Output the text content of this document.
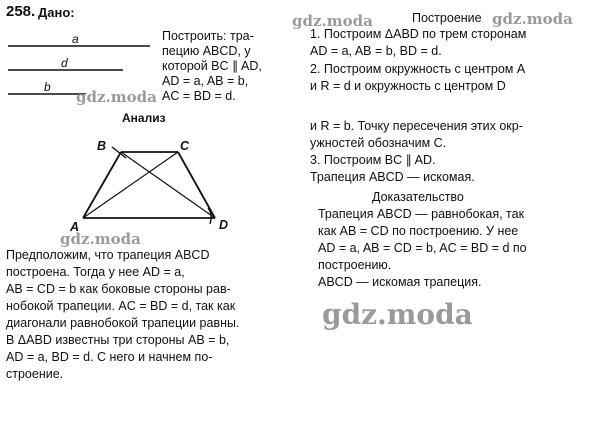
258. Дано:
a
d
b
Построить: тра-
пецию ABCD, у
которой BC ∥ AD,
AD = a, AB = b,
AC = BD = d.
Анализ
B	C
A	D
Предположим, что трапеция ABCD
построена. Тогда у нее AD = a,
AB = CD = b как боковые стороны рав-
нобокой трапеции. AC = BD = d, так как
диагонали равнобокой трапеции равны.
В ΔABD известны три стороны AB = b,
AD = a, BD = d. С него и начнем по-
строение.
Построение
1. Построим ΔABD по трем сторонам
AD = a, AB = b, BD = d.
2. Построим окружность с центром A
и R = d и окружность с центром D
и R = b. Точку пересечения этих окр-
ужностей обозначим C.
3. Построим BC ∥ AD.
Трапеция ABCD — искомая.
Доказательство
Трапеция ABCD — равнобокая, так
как AB = CD по построению. У нее
AD = a, AB = CD = b, AC = BD = d по
построению.
ABCD — искомая трапеция.
gdz.moda	gdz.moda
gdz.moda
gdz.moda
gdz.moda
